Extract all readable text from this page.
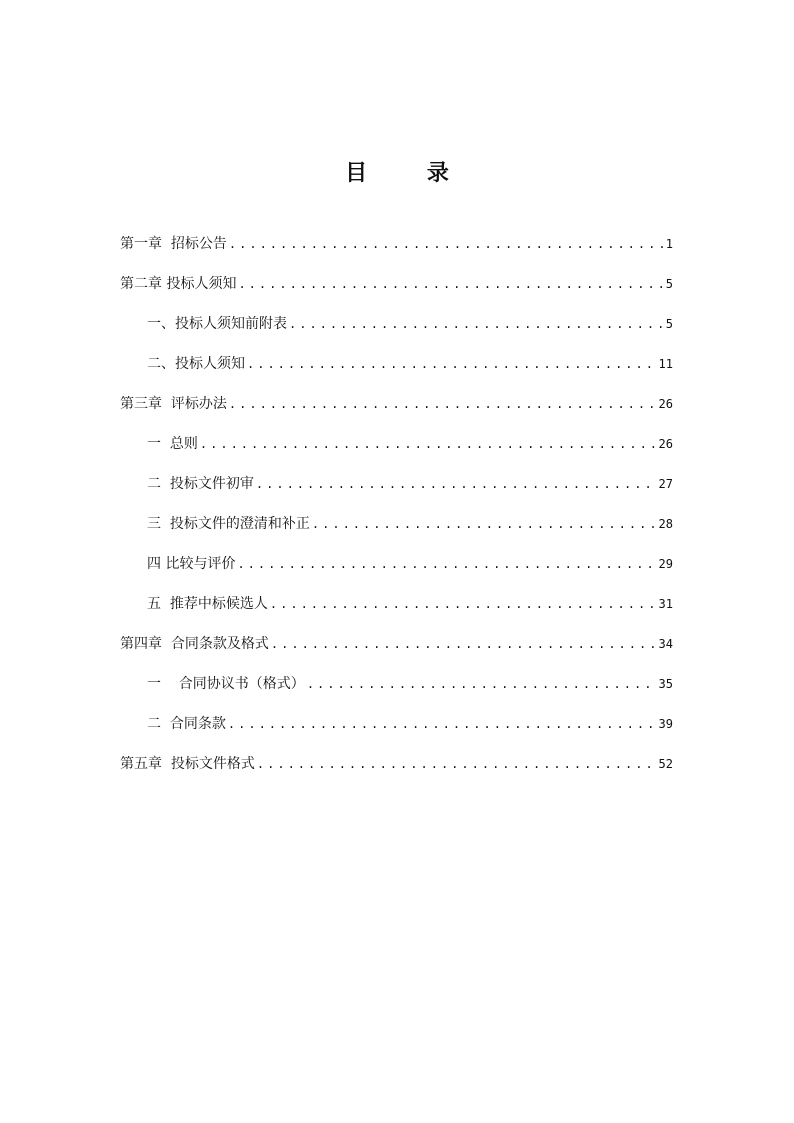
目 录
第一章  招标公告 .....	1
第二章 投标人须知 .....	5
一、投标人须知前附表 .....	5
二、投标人须知 .....	11
第三章  评标办法 .....	26
一  总则 .....	26
二  投标文件初审 .....	27
三  投标文件的澄清和补正 .....	28
四 比较与评价 .....	29
五  推荐中标候选人 .....	31
第四章  合同条款及格式 .....	34
一    合同协议书（格式） .....	35
二  合同条款 .....	39
第五章  投标文件格式 .....	52
